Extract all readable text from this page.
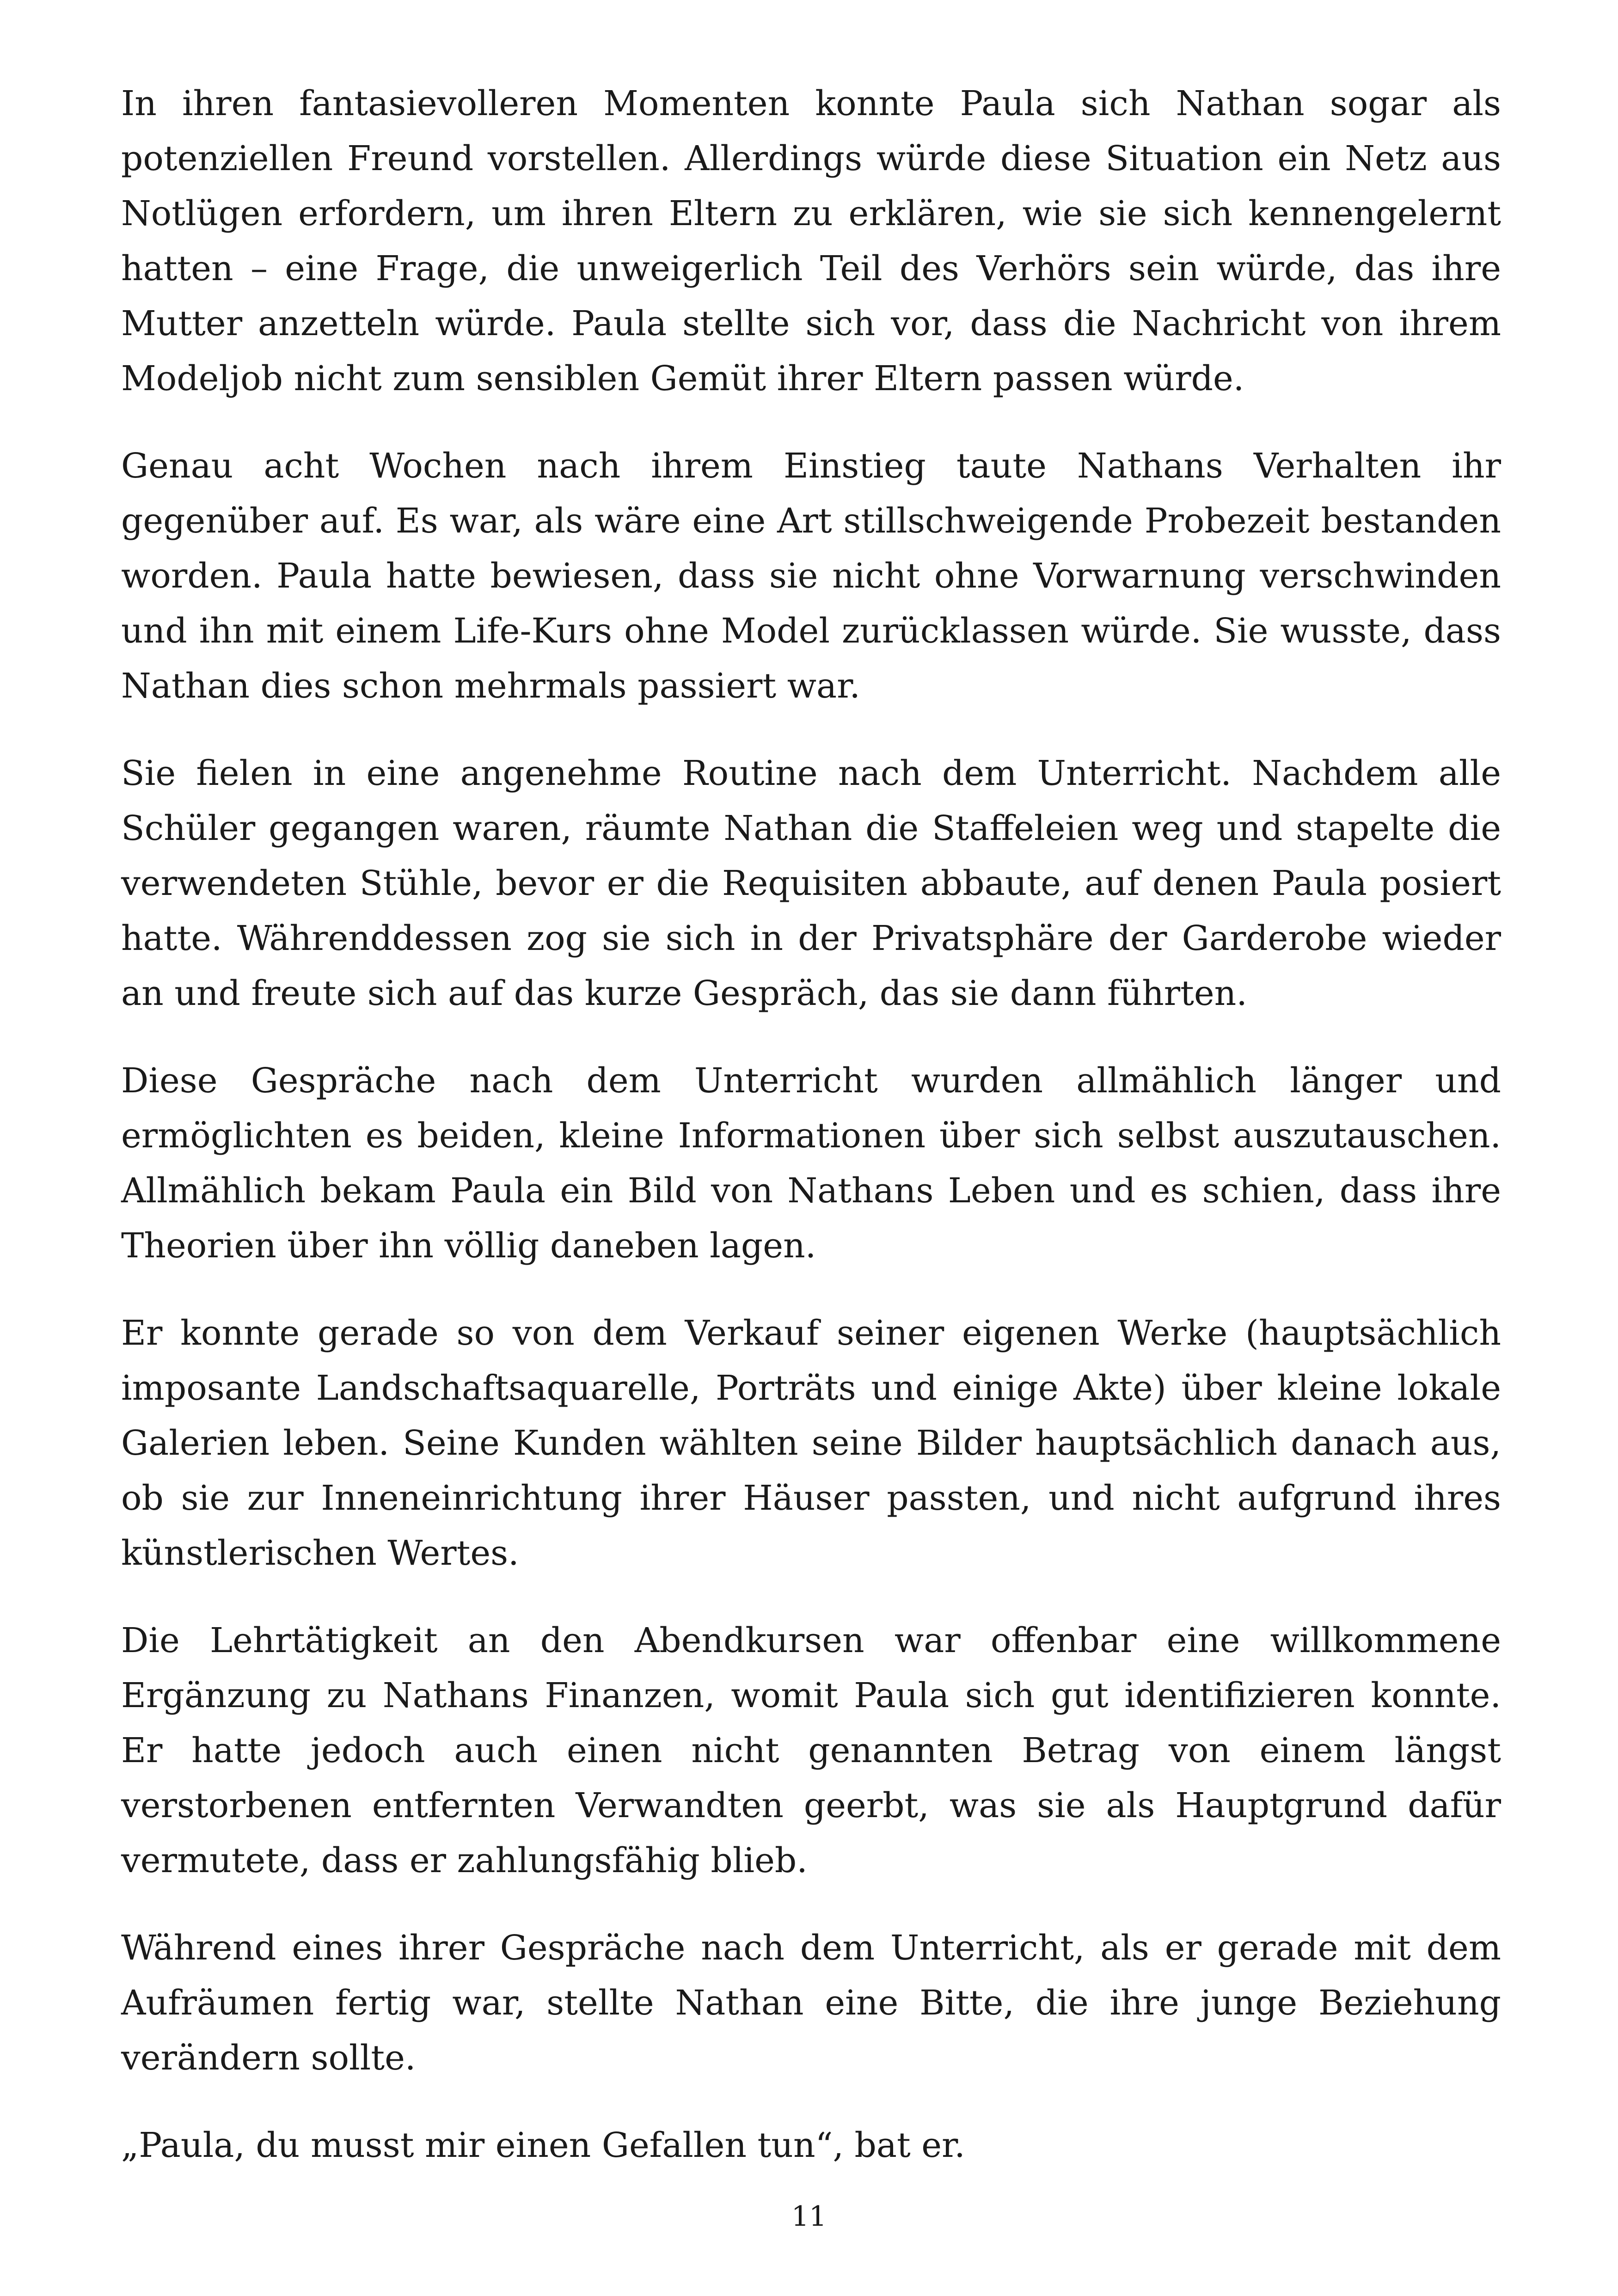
In ihren fantasievolleren Momenten konnte Paula sich Nathan sogar als potenziellen Freund vorstellen. Allerdings würde diese Situation ein Netz aus Notlügen erfordern, um ihren Eltern zu erklären, wie sie sich kennengelernt hatten – eine Frage, die unweigerlich Teil des Verhörs sein würde, das ihre Mutter anzetteln würde. Paula stellte sich vor, dass die Nachricht von ihrem Modeljob nicht zum sensiblen Gemüt ihrer Eltern passen würde.

Genau acht Wochen nach ihrem Einstieg taute Nathans Verhalten ihr gegenüber auf. Es war, als wäre eine Art stillschweigende Probezeit bestanden worden. Paula hatte bewiesen, dass sie nicht ohne Vorwarnung verschwinden und ihn mit einem Life-Kurs ohne Model zurücklassen würde. Sie wusste, dass Nathan dies schon mehrmals passiert war.

Sie fielen in eine angenehme Routine nach dem Unterricht. Nachdem alle Schüler gegangen waren, räumte Nathan die Staffeleien weg und stapelte die verwendeten Stühle, bevor er die Requisiten abbaute, auf denen Paula posiert hatte. Währenddessen zog sie sich in der Privatsphäre der Garderobe wieder an und freute sich auf das kurze Gespräch, das sie dann führten.

Diese Gespräche nach dem Unterricht wurden allmählich länger und ermöglichten es beiden, kleine Informationen über sich selbst auszutauschen. Allmählich bekam Paula ein Bild von Nathans Leben und es schien, dass ihre Theorien über ihn völlig daneben lagen.

Er konnte gerade so von dem Verkauf seiner eigenen Werke (hauptsächlich imposante Landschaftsaquarelle, Porträts und einige Akte) über kleine lokale Galerien leben. Seine Kunden wählten seine Bilder hauptsächlich danach aus, ob sie zur Inneneinrichtung ihrer Häuser passten, und nicht aufgrund ihres künstlerischen Wertes.

Die Lehrtätigkeit an den Abendkursen war offenbar eine willkommene Ergänzung zu Nathans Finanzen, womit Paula sich gut identifizieren konnte. Er hatte jedoch auch einen nicht genannten Betrag von einem längst verstorbenen entfernten Verwandten geerbt, was sie als Hauptgrund dafür vermutete, dass er zahlungsfähig blieb.

Während eines ihrer Gespräche nach dem Unterricht, als er gerade mit dem Aufräumen fertig war, stellte Nathan eine Bitte, die ihre junge Beziehung verändern sollte.

„Paula, du musst mir einen Gefallen tun“, bat er.

11
